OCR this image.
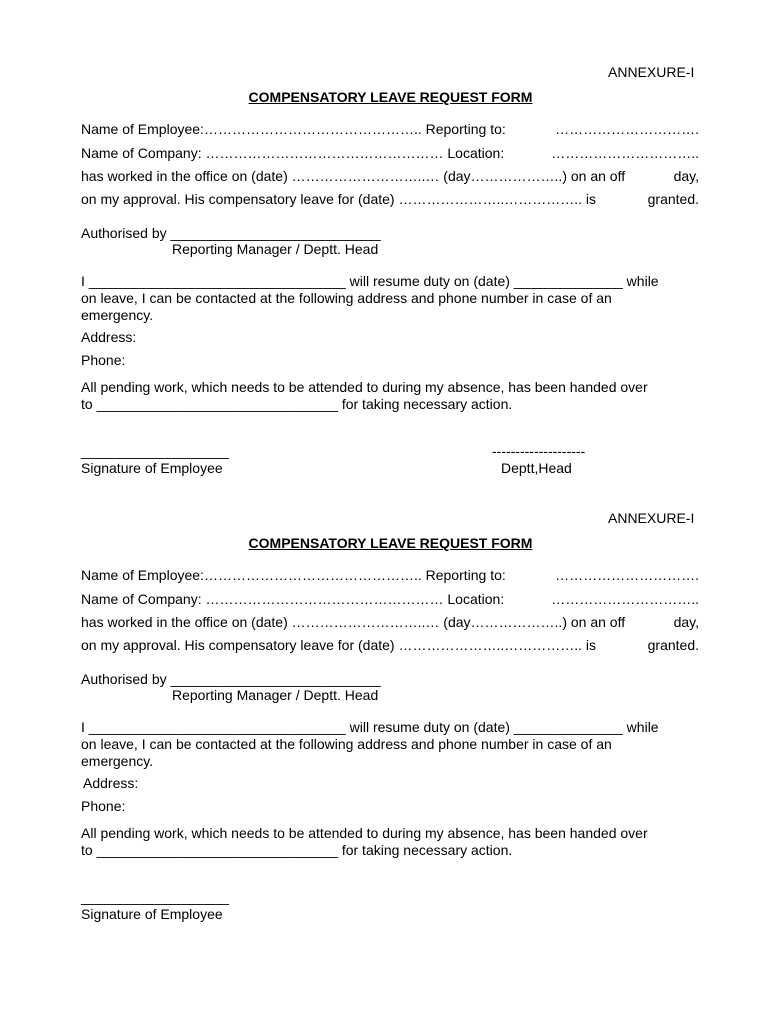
ANNEXURE-I
COMPENSATORY LEAVE REQUEST FORM
Name of Employee:……………………………………….. Reporting to:	………………………….
Name of Company: …………………………………………… Location:	…………………………..
has worked in the office on (date) ………………………..… (day………………..) on an off	day,
on my approval. His compensatory leave for (date) …………………..…………….. is	granted.
Authorised by ___________________________
Reporting Manager / Deptt. Head
I _________________________________ will resume duty on (date) ______________ while
on leave, I can be contacted at the following address and phone number in case of an
emergency.
Address:
Phone:
All pending work, which needs to be attended to during my absence, has been handed over
to _______________________________ for taking necessary action.
___________________
Signature of Employee
--------------------
Deptt,Head
ANNEXURE-I
COMPENSATORY LEAVE REQUEST FORM
Name of Employee:……………………………………….. Reporting to:	………………………….
Name of Company: …………………………………………… Location:	…………………………..
has worked in the office on (date) ………………………..… (day………………..) on an off	day,
on my approval. His compensatory leave for (date) …………………..…………….. is	granted.
Authorised by ___________________________
Reporting Manager / Deptt. Head
I _________________________________ will resume duty on (date) ______________ while
on leave, I can be contacted at the following address and phone number in case of an
emergency.
Address:
Phone:
All pending work, which needs to be attended to during my absence, has been handed over
to _______________________________ for taking necessary action.
___________________
Signature of Employee
